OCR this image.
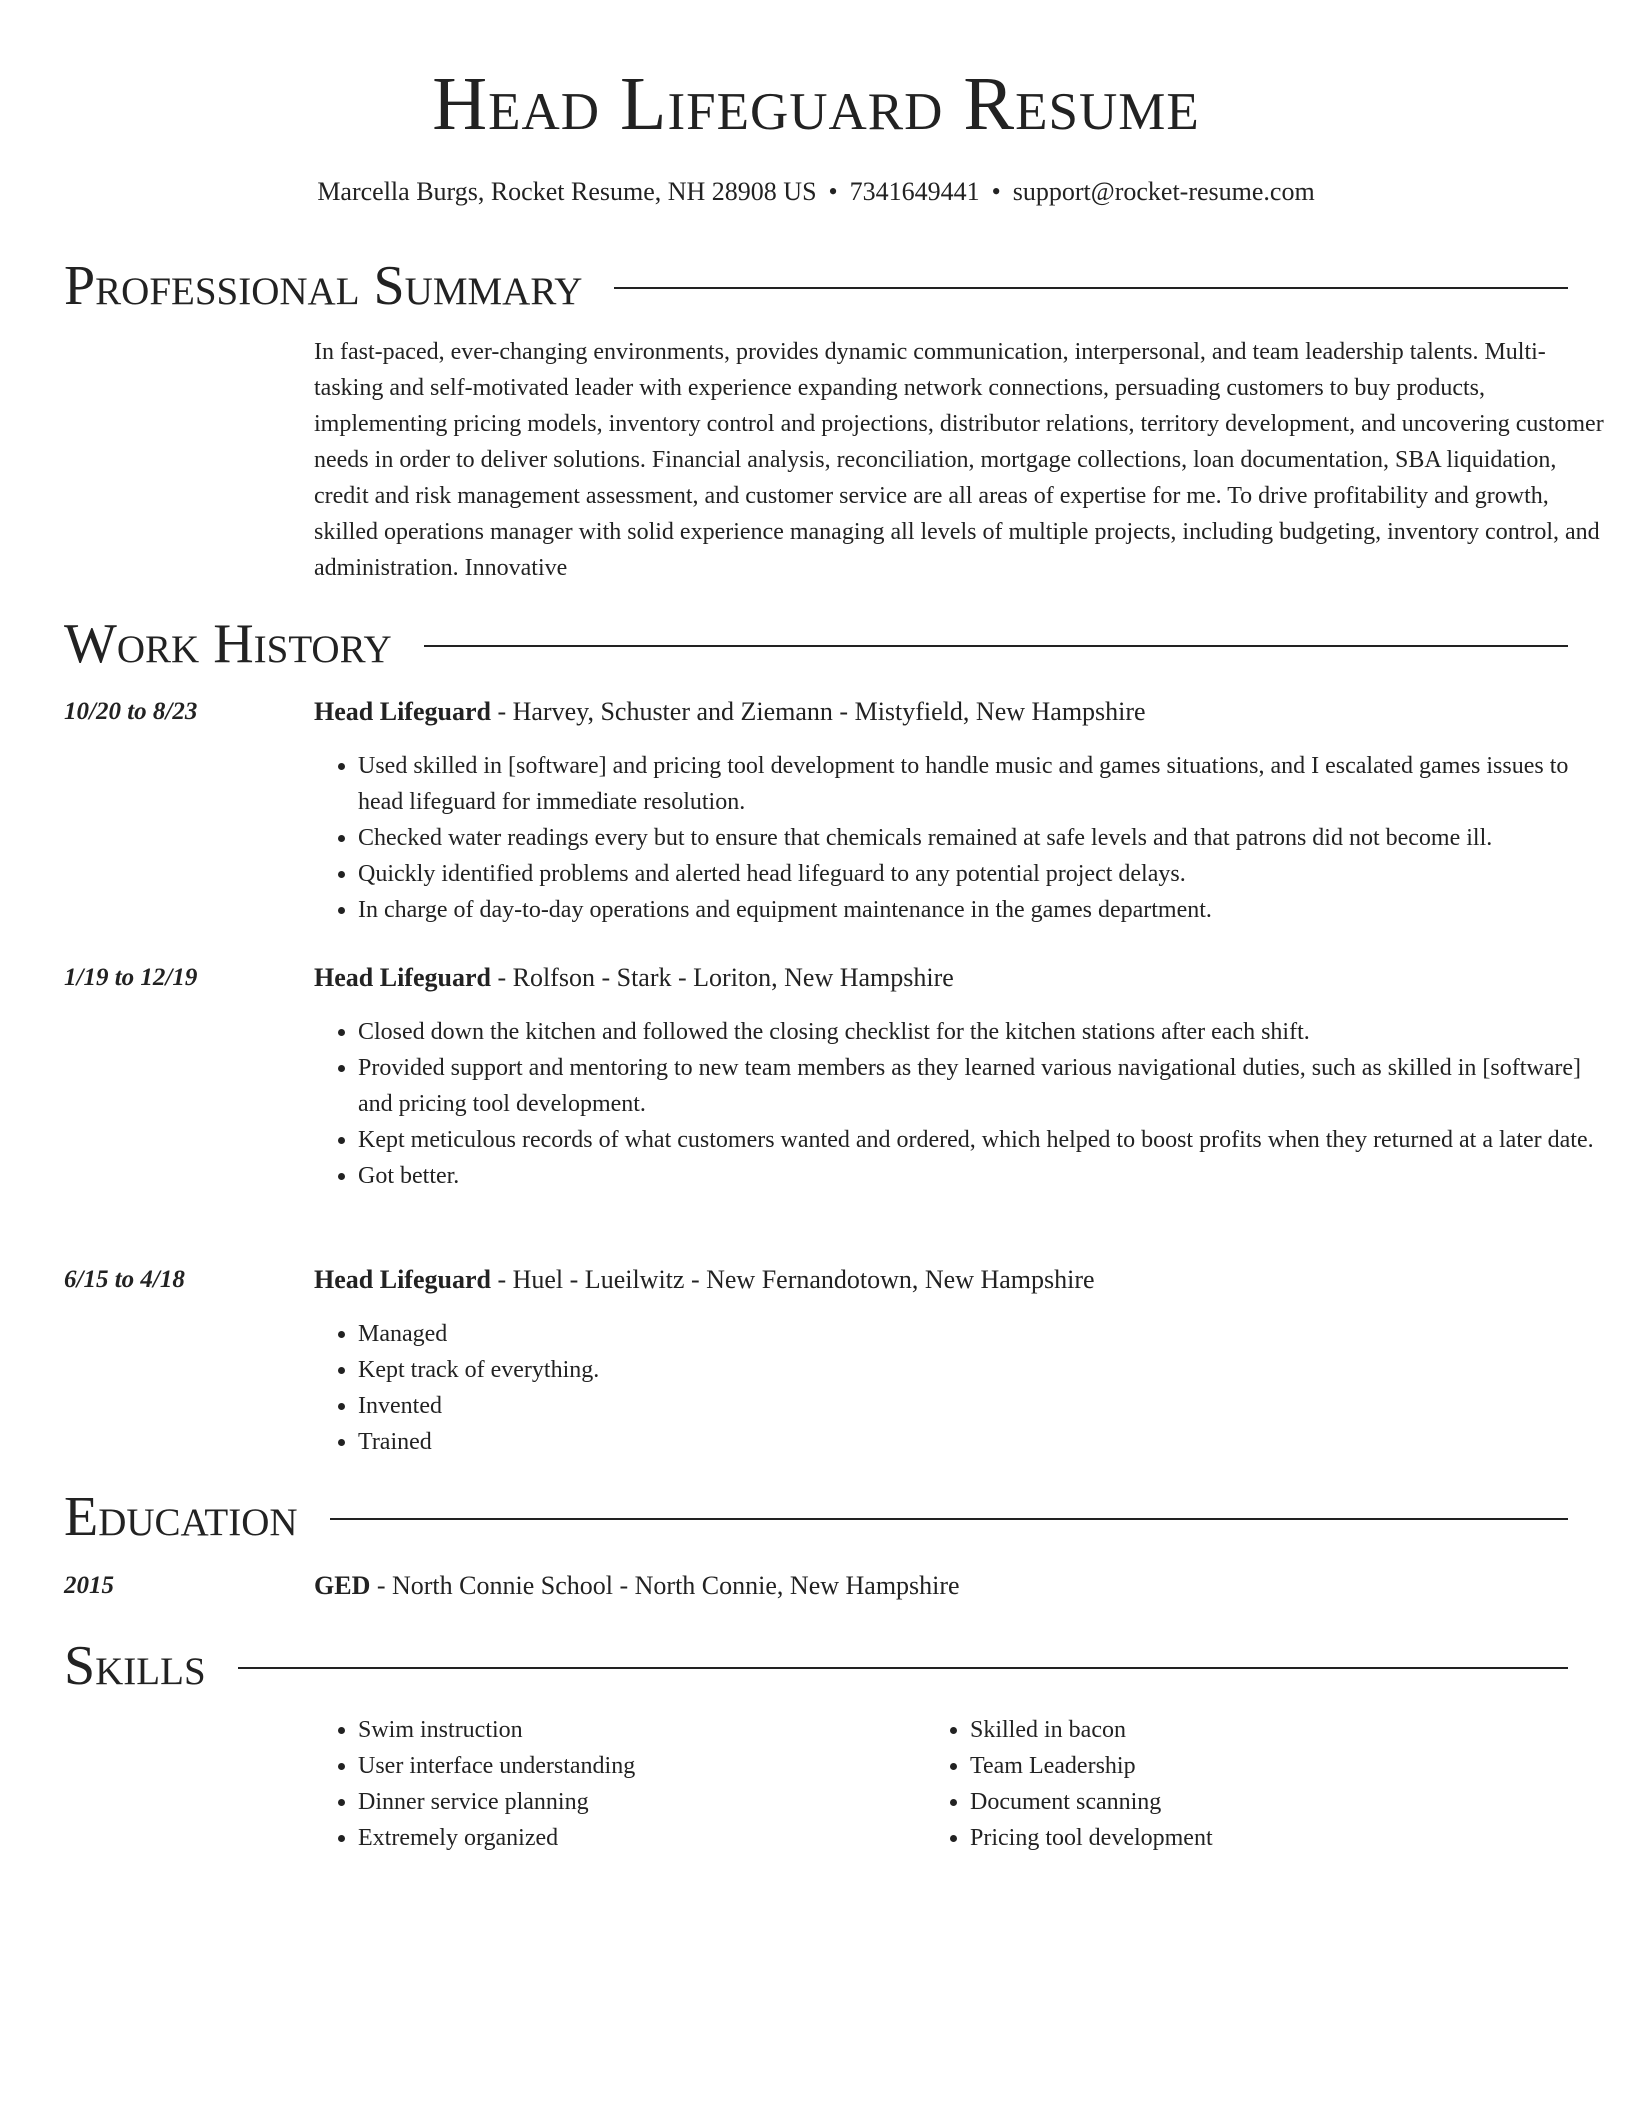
Head Lifeguard Resume
Marcella Burgs, Rocket Resume, NH 28908 US • 7341649441 • support@rocket-resume.com
Professional Summary

In fast-paced, ever-changing environments, provides dynamic communication, interpersonal, and team leadership talents. Multi-tasking and self-motivated leader with experience expanding network connections, persuading customers to buy products, implementing pricing models, inventory control and projections, distributor relations, territory development, and uncovering customer needs in order to deliver solutions. Financial analysis, reconciliation, mortgage collections, loan documentation, SBA liquidation, credit and risk management assessment, and customer service are all areas of expertise for me. To drive profitability and growth, skilled operations manager with solid experience managing all levels of multiple projects, including budgeting, inventory control, and administration. Innovative

Work History
10/20 to 8/23	Head Lifeguard - Harvey, Schuster and Ziemann - Mistyfield, New Hampshire
• Used skilled in [software] and pricing tool development to handle music and games situations, and I escalated games issues to head lifeguard for immediate resolution.
• Checked water readings every but to ensure that chemicals remained at safe levels and that patrons did not become ill.
• Quickly identified problems and alerted head lifeguard to any potential project delays.
• In charge of day-to-day operations and equipment maintenance in the games department.
1/19 to 12/19	Head Lifeguard - Rolfson - Stark - Loriton, New Hampshire
• Closed down the kitchen and followed the closing checklist for the kitchen stations after each shift.
• Provided support and mentoring to new team members as they learned various navigational duties, such as skilled in [software] and pricing tool development.
• Kept meticulous records of what customers wanted and ordered, which helped to boost profits when they returned at a later date.
• Got better.
6/15 to 4/18	Head Lifeguard - Huel - Lueilwitz - New Fernandotown, New Hampshire
• Managed
• Kept track of everything.
• Invented
• Trained
Education
2015	GED - North Connie School - North Connie, New Hampshire
Skills
• Swim instruction
• User interface understanding
• Dinner service planning
• Extremely organized
• Skilled in bacon
• Team Leadership
• Document scanning
• Pricing tool development
